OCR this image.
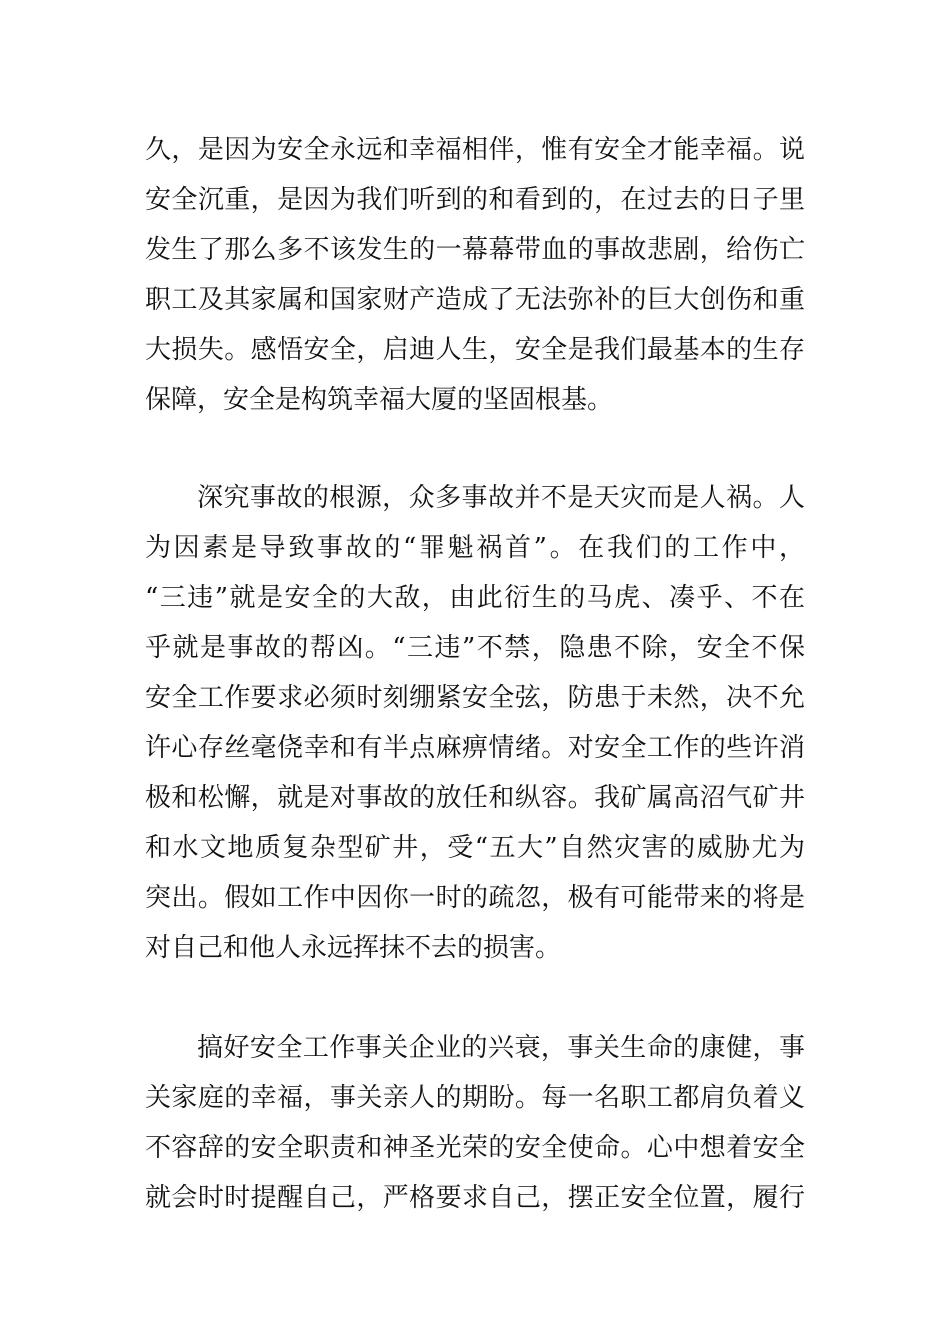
久，是因为安全永远和幸福相伴，惟有安全才能幸福。说
安全沉重，是因为我们听到的和看到的，在过去的日子里
发生了那么多不该发生的一幕幕带血的事故悲剧，给伤亡
职工及其家属和国家财产造成了无法弥补的巨大创伤和重
大损失。感悟安全，启迪人生，安全是我们最基本的生存
保障，安全是构筑幸福大厦的坚固根基。
深究事故的根源，众多事故并不是天灾而是人祸。人
为因素是导致事故的“罪魁祸首”。在我们的工作中，
“三违”就是安全的大敌，由此衍生的马虎、凑乎、不在
乎就是事故的帮凶。“三违”不禁，隐患不除，安全不保
安全工作要求必须时刻绷紧安全弦，防患于未然，决不允
许心存丝毫侥幸和有半点麻痹情绪。对安全工作的些许消
极和松懈，就是对事故的放任和纵容。我矿属高沼气矿井
和水文地质复杂型矿井，受“五大”自然灾害的威胁尤为
突出。假如工作中因你一时的疏忽，极有可能带来的将是
对自己和他人永远挥抹不去的损害。
搞好安全工作事关企业的兴衰，事关生命的康健，事
关家庭的幸福，事关亲人的期盼。每一名职工都肩负着义
不容辞的安全职责和神圣光荣的安全使命。心中想着安全
就会时时提醒自己，严格要求自己，摆正安全位置，履行
